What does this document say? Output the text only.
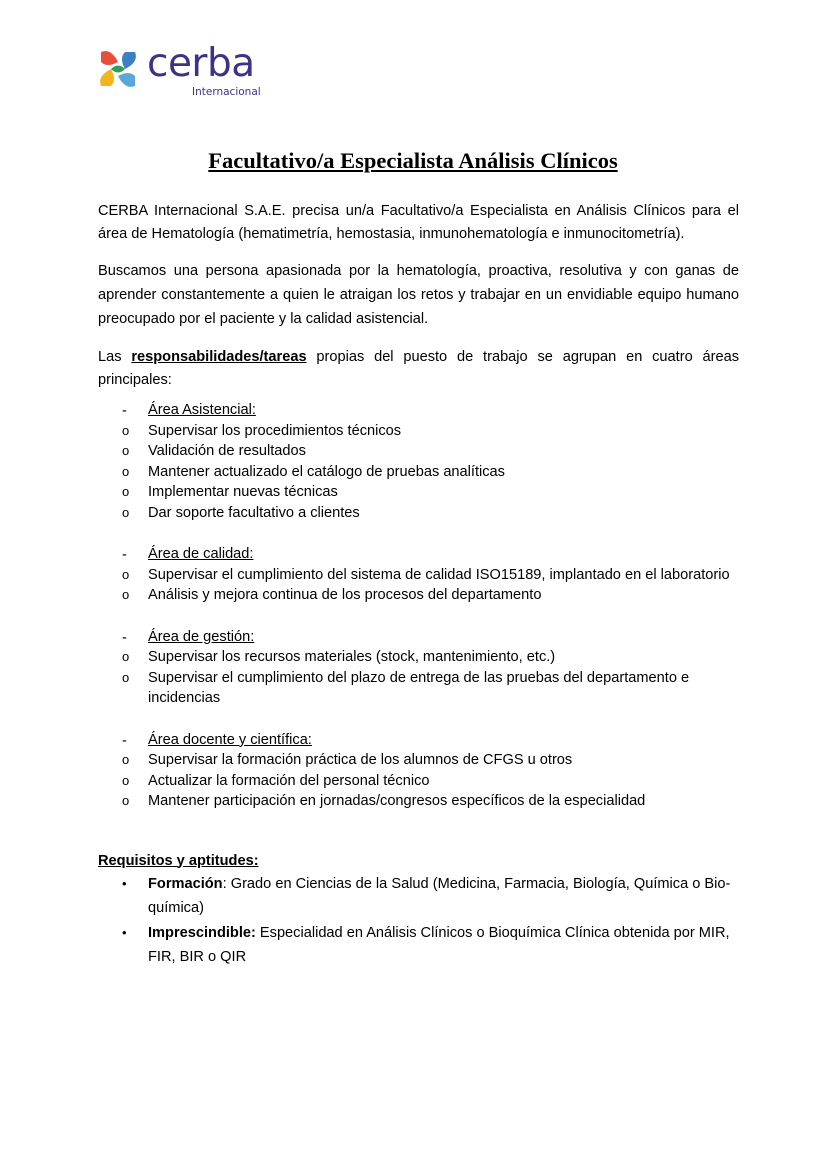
cerba
Internacional
Facultativo/a Especialista Análisis Clínicos

CERBA Internacional S.A.E. precisa un/a Facultativo/a Especialista en Análisis Clínicos para el área de Hematología (hematimetría, hemostasia, inmunohematología e inmunocitometría).

Buscamos una persona apasionada por la hematología, proactiva, resolutiva y con ganas de aprender constantemente a quien le atraigan los retos y trabajar en un envidiable equipo humano preocupado por el paciente y la calidad asistencial.

Las responsabilidades/tareas propias del puesto de trabajo se agrupan en cuatro áreas principales:

- Área Asistencial:
o Supervisar los procedimientos técnicos
o Validación de resultados
o Mantener actualizado el catálogo de pruebas analíticas
o Implementar nuevas técnicas
o Dar soporte facultativo a clientes
- Área de calidad:
o Supervisar el cumplimiento del sistema de calidad ISO15189, implantado en el laboratorio
o Análisis y mejora continua de los procesos del departamento
- Área de gestión:
o Supervisar los recursos materiales (stock, mantenimiento, etc.)
o Supervisar el cumplimiento del plazo de entrega de las pruebas del departamento e incidencias
- Área docente y científica:
o Supervisar la formación práctica de los alumnos de CFGS u otros
o Actualizar la formación del personal técnico
o Mantener participación en jornadas/congresos específicos de la especialidad
Requisitos y aptitudes:
• Formación: Grado en Ciencias de la Salud (Medicina, Farmacia, Biología, Química o Bio-química)
• Imprescindible: Especialidad en Análisis Clínicos o Bioquímica Clínica obtenida por MIR, FIR, BIR o QIR
